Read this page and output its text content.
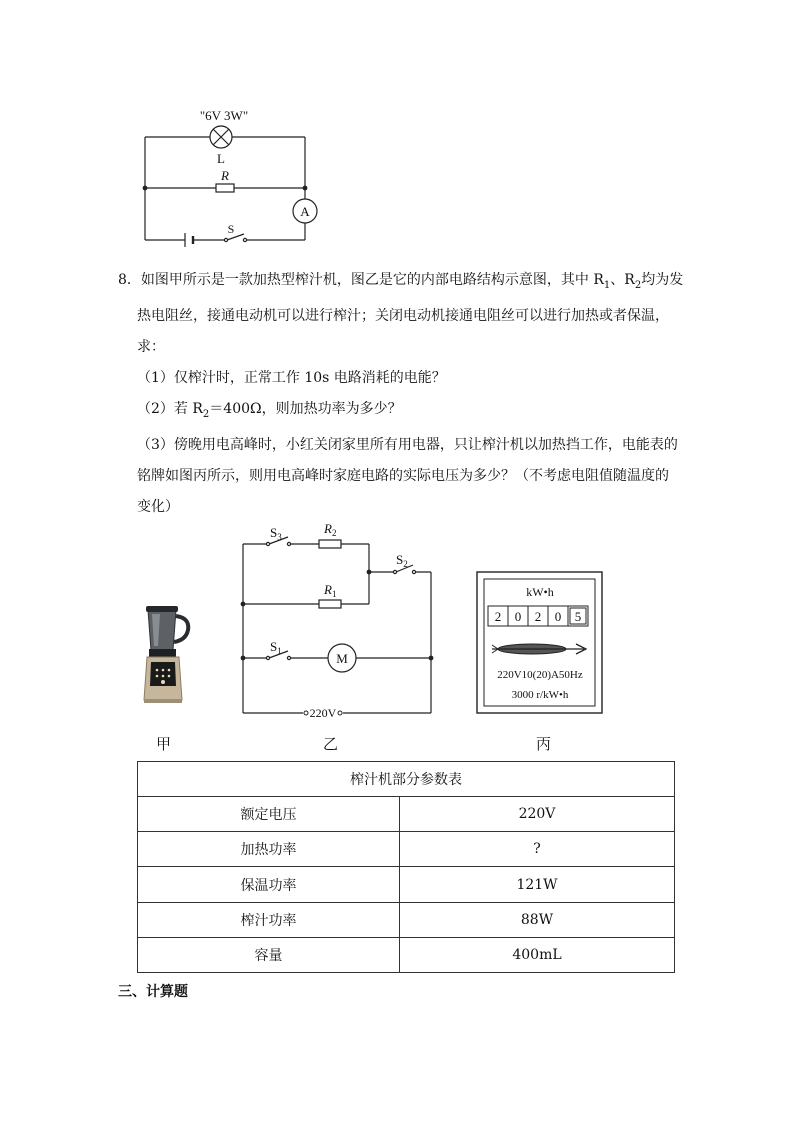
"6V 3W"
L
R
A
S
8．如图甲所示是一款加热型榨汁机，图乙是它的内部电路结构示意图，其中 $R_1$、$R_2$均为发
热电阻丝，接通电动机可以进行榨汁；关闭电动机接通电阻丝可以进行加热或者保温，
求：
（1）仅榨汁时，正常工作 10s 电路消耗的电能？
（2）若 $R_2=400\Omega$，则加热功率为多少？
（3）傍晚用电高峰时，小红关闭家里所有用电器，只让榨汁机以加热挡工作，电能表的
铭牌如图丙所示，则用电高峰时家庭电路的实际电压为多少？（不考虑电阻值随温度的
变化）
$S_3$
$R_2$
$S_2$
$R_1$
$S_1$	M
220V
kW•h
2 0 2 0 5
220V10(20)A50Hz
3000 r/kW•h
甲	乙	丙
榨汁机部分参数表	
额定电压	220V
加热功率	?
保温功率	121W
榨汁功率	88W
容量	400mL
三、计算题
